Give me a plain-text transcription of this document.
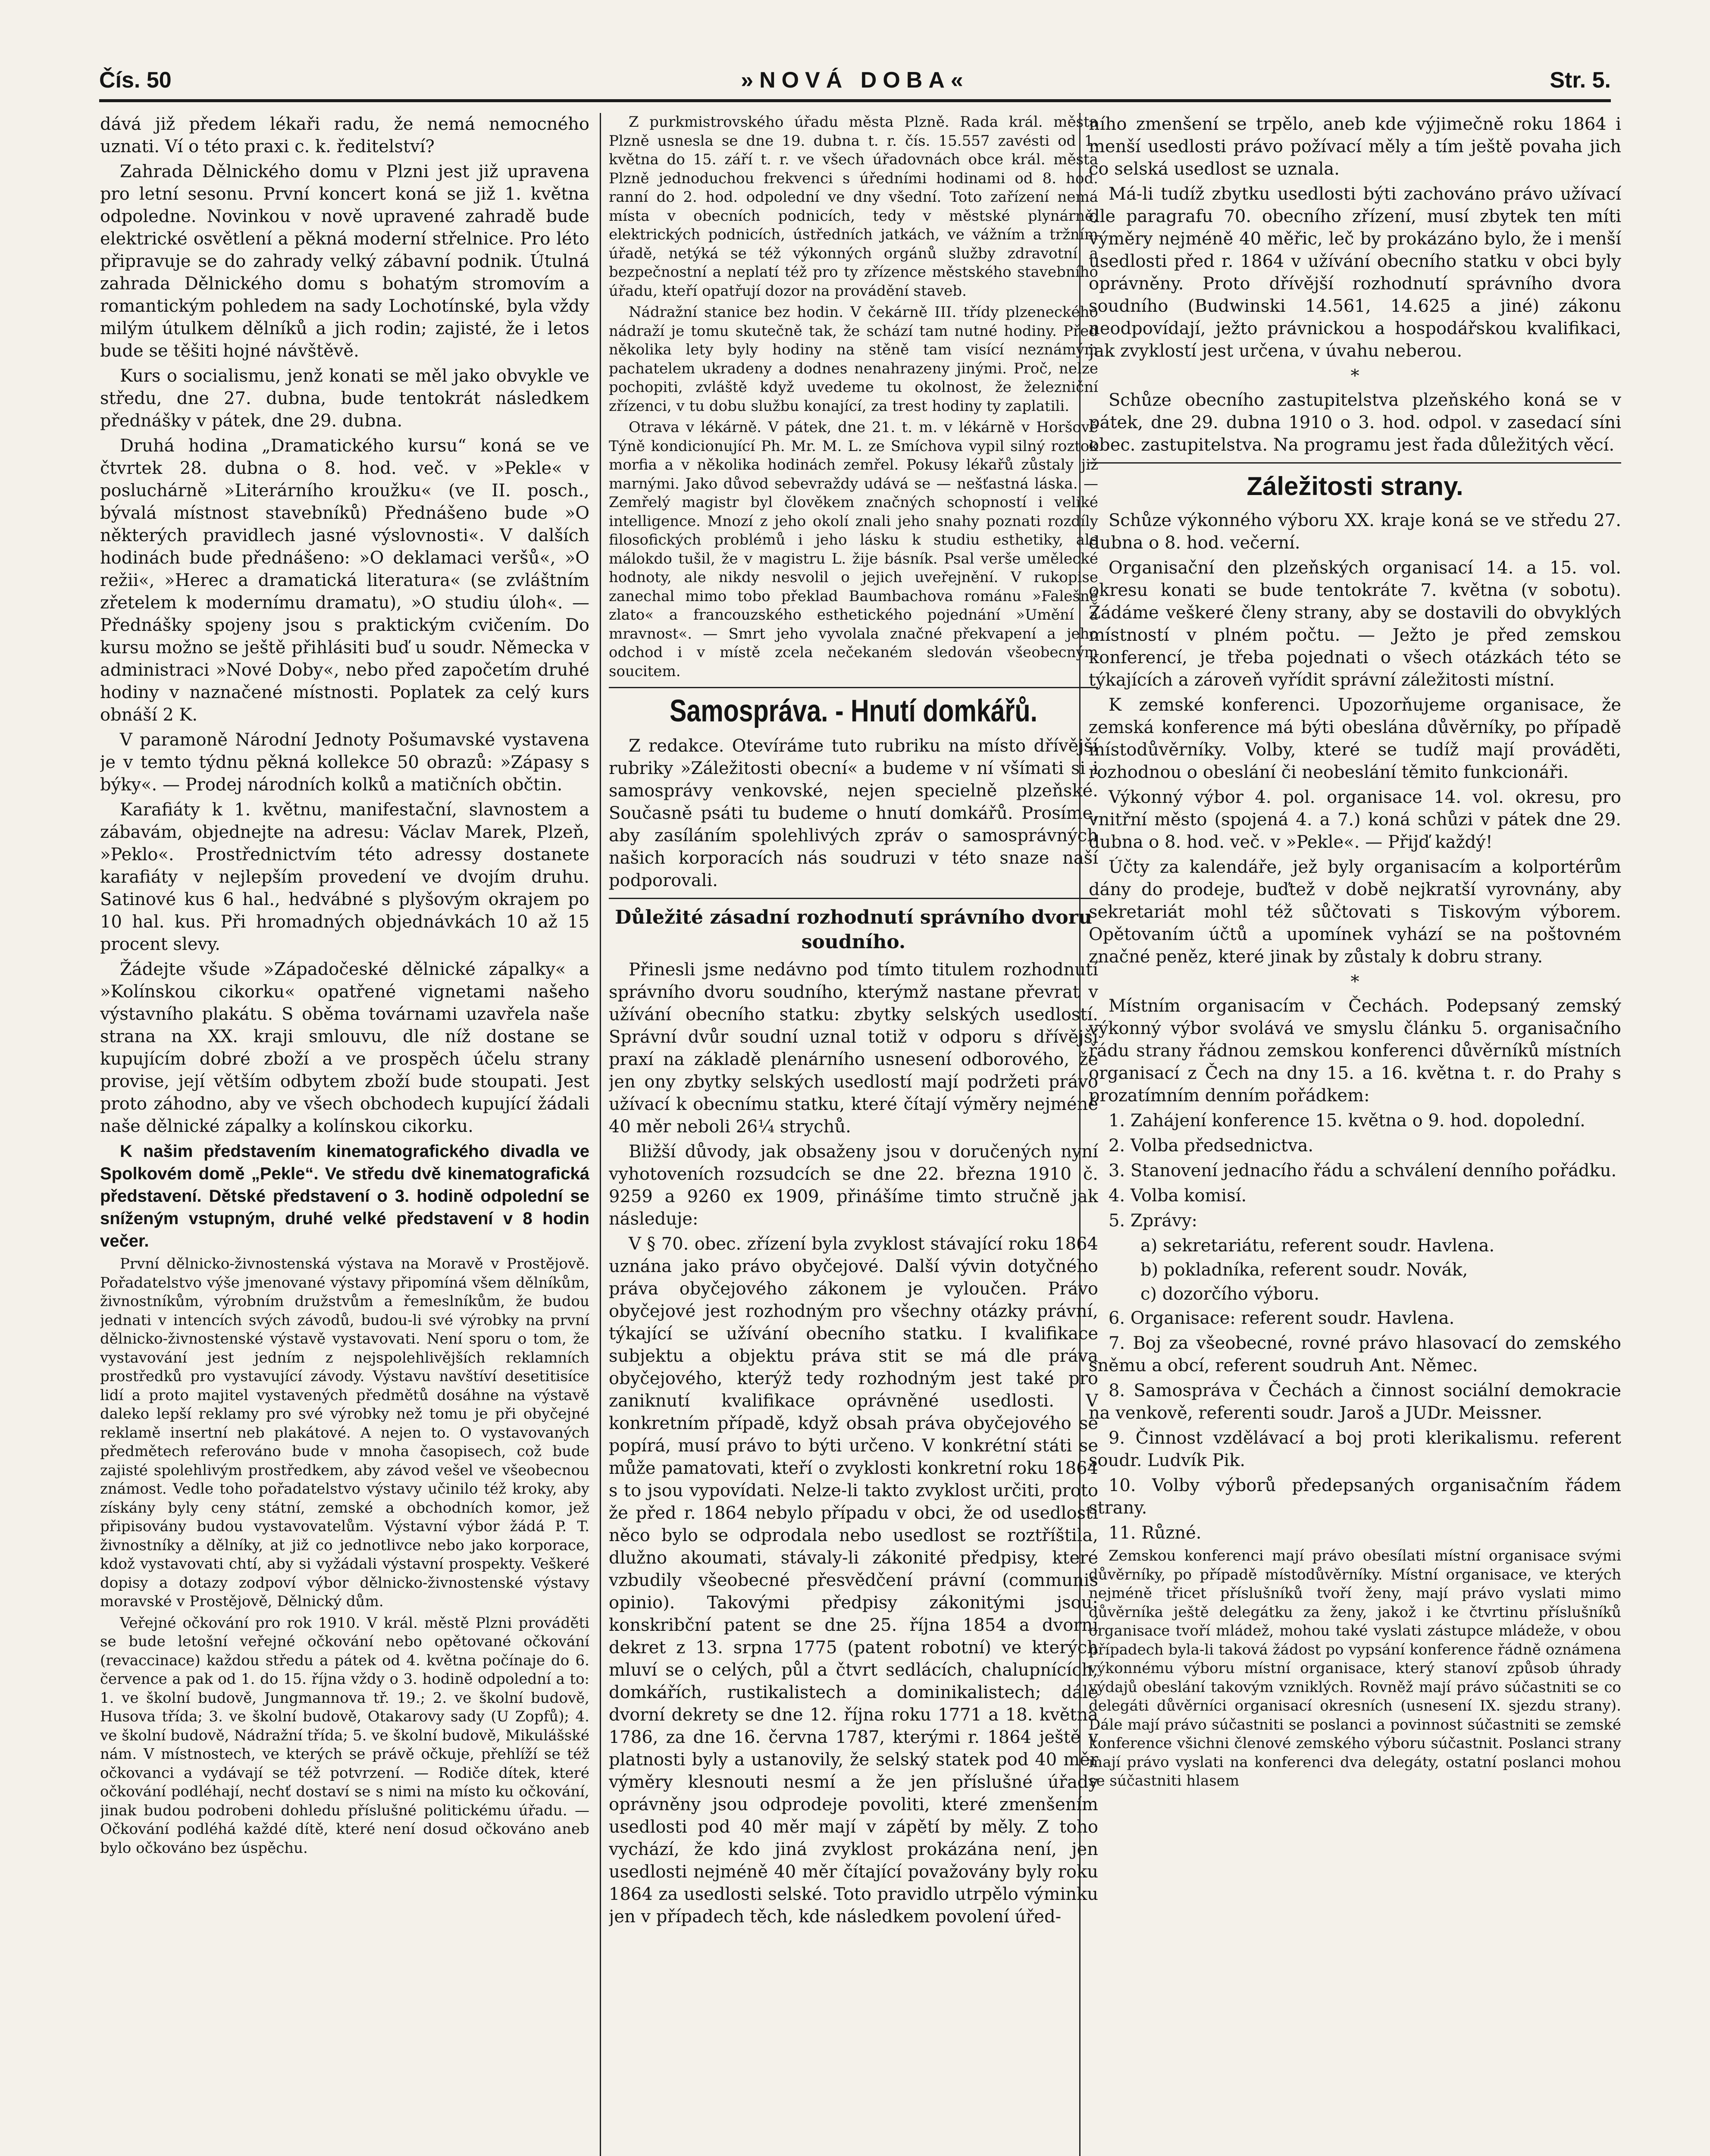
Čís. 50	»NOVÁ DOBA«	Str. 5.

dává již předem lékaři radu, že nemá nemocného uznati. Ví o této praxi c. k. ředitelství?

Zahrada Dělnického domu v Plzni jest již upravena pro letní sesonu. První koncert koná se již 1. května odpoledne. Novinkou v nově upravené zahradě bude elektrické osvětlení a pěkná moderní střelnice. Pro léto připravuje se do zahrady velký zábavní podnik. Útulná zahrada Dělnického domu s bohatým stromovím a romantickým pohledem na sady Lochotínské, byla vždy milým útulkem dělníků a jich rodin; zajisté, že i letos bude se těšiti hojné návštěvě.

Kurs o socialismu, jenž konati se měl jako obvykle ve středu, dne 27. dubna, bude tentokrát následkem přednášky v pátek, dne 29. dubna.

Druhá hodina „Dramatického kursu“ koná se ve čtvrtek 28. dubna o 8. hod. več. v »Pekle« v posluchárně »Literárního kroužku« (ve II. posch., bývalá místnost stavebníků) Přednášeno bude »O některých pravidlech jasné výslovnosti«. V dalších hodinách bude přednášeno: »O deklamaci veršů«, »O režii«, »Herec a dramatická literatura« (se zvláštním zřetelem k modernímu dramatu), »O studiu úloh«. — Přednášky spojeny jsou s praktickým cvičením. Do kursu možno se ještě přihlásiti buď u soudr. Německa v administraci »Nové Doby«, nebo před započetím druhé hodiny v naznačené místnosti. Poplatek za celý kurs obnáší 2 K.

V paramoně Národní Jednoty Pošumavské vystavena je v temto týdnu pěkná kollekce 50 obrazů: »Zápasy s býky«. — Prodej národních kolků a matičních občtin.

Karafiáty k 1. květnu, manifestační, slavnostem a zábavám, objednejte na adresu: Václav Marek, Plzeň, »Peklo«. Prostřednictvím této adressy dostanete karafiáty v nejlepším provedení ve dvojím druhu. Satinové kus 6 hal., hedvábné s plyšovým okrajem po 10 hal. kus. Při hromadných objednávkách 10 až 15 procent slevy.

Žádejte všude »Západočeské dělnické zápalky« a »Kolínskou cikorku« opatřené vignetami našeho výstavního plakátu. S oběma továrnami uzavřela naše strana na XX. kraji smlouvu, dle níž dostane se kupujícím dobré zboží a ve prospěch účelu strany provise, její větším odbytem zboží bude stoupati. Jest proto záhodno, aby ve všech obchodech kupující žádali naše dělnické zápalky a kolínskou cikorku.

K našim představením kinematografického divadla ve Spolkovém domě „Pekle“. Ve středu dvě kinematografická představení. Dětské představení o 3. hodině odpolední se sníženým vstupným, druhé velké představení v 8 hodin večer.

První dělnicko-živnostenská výstava na Moravě v Prostějově. Pořadatelstvo výše jmenované výstavy připomíná všem dělníkům, živnostníkům, výrobním družstvům a řemeslníkům, že budou jednati v intencích svých závodů, budou-li své výrobky na první dělnicko-živnostenské výstavě vystavovati. Není sporu o tom, že vystavování jest jedním z nejspolehlivějších reklamních prostředků pro vystavující závody. Výstavu navštíví desetitisíce lidí a proto majitel vystavených předmětů dosáhne na výstavě daleko lepší reklamy pro své výrobky než tomu je při obyčejné reklamě insertní neb plakátové. A nejen to. O vystavovaných předmětech referováno bude v mnoha časopisech, což bude zajisté spolehlivým prostředkem, aby závod vešel ve všeobecnou známost. Vedle toho pořadatelstvo výstavy učinilo též kroky, aby získány byly ceny státní, zemské a obchodních komor, jež připisovány budou vystavovatelům. Výstavní výbor žádá P. T. živnostníky a dělníky, at již co jednotlivce nebo jako korporace, kdož vystavovati chtí, aby si vyžádali výstavní prospekty. Veškeré dopisy a dotazy zodpoví výbor dělnicko-živnostenské výstavy moravské v Prostějově, Dělnický dům.

Veřejné očkování pro rok 1910. V král. městě Plzni prováděti se bude letošní veřejné očkování nebo opětované očkování (revaccinace) každou středu a pátek od 4. května počínaje do 6. července a pak od 1. do 15. října vždy o 3. hodině odpolední a to: 1. ve školní budově, Jungmannova tř. 19.; 2. ve školní budově, Husova třída; 3. ve školní budově, Otakarovy sady (U Zopfů); 4. ve školní budově, Nádražní třída; 5. ve školní budově, Mikulášské nám. V místnostech, ve kterých se právě očkuje, přehlíží se též očkovanci a vydávají se též potvrzení. — Rodiče dítek, které očkování podléhají, nechť dostaví se s nimi na místo ku očkování, jinak budou podrobeni dohledu příslušné politickému úřadu. — Očkování podléhá každé dítě, které není dosud očkováno aneb bylo očkováno bez úspěchu.

Z purkmistrovského úřadu města Plzně. Rada král. města Plzně usnesla se dne 19. dubna t. r. čís. 15.557 zavésti od 1. května do 15. září t. r. ve všech úřadovnách obce král. města Plzně jednoduchou frekvenci s úředními hodinami od 8. hod. ranní do 2. hod. odpolední ve dny všední. Toto zařízení nemá místa v obecních podnicích, tedy v městské plynárně, elektrických podnicích, ústředních jatkách, ve vážním a tržním úřadě, netýká se též výkonných orgánů služby zdravotní a bezpečnostní a neplatí též pro ty zřízence městského stavebního úřadu, kteří opatřují dozor na provádění staveb.

Nádražní stanice bez hodin. V čekárně III. třídy plzeneckého nádraží je tomu skutečně tak, že schází tam nutné hodiny. Před několika lety byly hodiny na stěně tam visící neznámým pachatelem ukradeny a dodnes nenahrazeny jinými. Proč, nelze pochopiti, zvláště když uvedeme tu okolnost, že železniční zřízenci, v tu dobu službu konající, za trest hodiny ty zaplatili.

Otrava v lékárně. V pátek, dne 21. t. m. v lékárně v Horšově Týně kondicionující Ph. Mr. M. L. ze Smíchova vypil silný roztok morfia a v několika hodinách zemřel. Pokusy lékařů zůstaly již marnými. Jako důvod sebevraždy udává se — nešťastná láska. — Zemřelý magistr byl člověkem značných schopností i veliké intelligence. Mnozí z jeho okolí znali jeho snahy poznati rozdíly filosofických problémů i jeho lásku k studiu esthetiky, ale málokdo tušil, že v magistru L. žije básník. Psal verše umělecké hodnoty, ale nikdy nesvolil o jejich uveřejnění. V rukopise zanechal mimo tobo překlad Baumbachova románu »Falešné zlato« a francouzského esthetického pojednání »Umění a mravnost«. — Smrt jeho vyvolala značné překvapení a jeho odchod i v místě zcela nečekaném sledován všeobecným soucitem.

Samospráva. - Hnutí domkářů.

Z redakce. Otevíráme tuto rubriku na místo dřívější rubriky »Záležitosti obecní« a budeme v ní všímati si i samosprávy venkovské, nejen specielně plzeňské. Současně psáti tu budeme o hnutí domkářů. Prosíme, aby zasíláním spolehlivých zpráv o samosprávných našich korporacích nás soudruzi v této snaze naší podporovali.

Důležité zásadní rozhodnutí správního dvoru soudního.

Přinesli jsme nedávno pod tímto titulem rozhodnutí správního dvoru soudního, kterýmž nastane převrat v užívání obecního statku: zbytky selských usedlostí. Správní dvůr soudní uznal totiž v odporu s dřívější praxí na základě plenárního usnesení odborového, že jen ony zbytky selských usedlostí mají podržeti právo užívací k obecnímu statku, které čítají výměry nejméně 40 měr neboli 26¼ strychů.

Bližší důvody, jak obsaženy jsou v doručených nyní vyhotoveních rozsudcích se dne 22. března 1910 č. 9259 a 9260 ex 1909, přinášíme timto stručně jak následuje:

V § 70. obec. zřízení byla zvyklost stávající roku 1864 uznána jako právo obyčejové. Další vývin dotyčného práva obyčejového zákonem je vyloučen. Právo obyčejové jest rozhodným pro všechny otázky právní, týkající se užívání obecního statku. I kvalifikace subjektu a objektu práva stit se má dle práva obyčejového, kterýž tedy rozhodným jest také pro zaniknutí kvalifikace oprávněné usedlosti. V konkretním případě, když obsah práva obyčejového se popírá, musí právo to býti určeno. V konkrétní státi se může pamatovati, kteří o zvyklosti konkretní roku 1864 s to jsou vypovídati. Nelze-li takto zvyklost určiti, proto že před r. 1864 nebylo případu v obci, že od usedlosti něco bylo se odprodala nebo usedlost se roztříštila, dlužno akoumati, stávaly-li zákonité předpisy, které vzbudily všeobecné přesvědčení právní (communis opinio). Takovými předpisy zákonitými jsou: konskribční patent se dne 25. října 1854 a dvorní dekret z 13. srpna 1775 (patent robotní) ve kterých mluví se o celých, půl a čtvrt sedlácích, chalupnících, domkářích, rustikalistech a dominikalistech; dále dvorní dekrety se dne 12. října roku 1771 a 18. května 1786, za dne 16. června 1787, kterými r. 1864 ještě v platnosti byly a ustanovily, že selský statek pod 40 měr výměry klesnouti nesmí a že jen příslušné úřady oprávněny jsou odprodeje povoliti, které zmenšením usedlosti pod 40 měr mají v zápětí by měly. Z toho vychází, že kdo jiná zvyklost prokázána není, jen usedlosti nejméně 40 měr čítající považovány byly roku 1864 za usedlosti selské. Toto pravidlo utrpělo výminku jen v případech těch, kde následkem povolení úřed-

ního zmenšení se trpělo, aneb kde výjimečně roku 1864 i menší usedlosti právo požívací měly a tím ještě povaha jich co selská usedlost se uznala.

Má-li tudíž zbytku usedlosti býti zachováno právo užívací dle paragrafu 70. obecního zřízení, musí zbytek ten míti výměry nejméně 40 měřic, leč by prokázáno bylo, že i menší usedlosti před r. 1864 v užívání obecního statku v obci byly oprávněny. Proto dřívější rozhodnutí správního dvora soudního (Budwinski 14.561, 14.625 a jiné) zákonu neodpovídají, ježto právnickou a hospodářskou kvalifikaci, jak zvyklostí jest určena, v úvahu neberou.

*

Schůze obecního zastupitelstva plzeňského koná se v pátek, dne 29. dubna 1910 o 3. hod. odpol. v zasedací síni obec. zastupitelstva. Na programu jest řada důležitých věcí.

Záležitosti strany.

Schůze výkonného výboru XX. kraje koná se ve středu 27. dubna o 8. hod. večerní.

Organisační den plzeňských organisací 14. a 15. vol. okresu konati se bude tentokráte 7. května (v sobotu). Žádáme veškeré členy strany, aby se dostavili do obvyklých místností v plném počtu. — Ježto je před zemskou konferencí, je třeba pojednati o všech otázkách této se týkajících a zároveň vyřídit správní záležitosti místní.

K zemské konferenci. Upozorňujeme organisace, že zemská konference má býti obeslána důvěrníky, po případě místodůvěrníky. Volby, které se tudíž mají prováděti, rozhodnou o obeslání či neobeslání těmito funkcionáři.

Výkonný výbor 4. pol. organisace 14. vol. okresu, pro vnitřní město (spojená 4. a 7.) koná schůzi v pátek dne 29. dubna o 8. hod. več. v »Pekle«. — Přijď každý!

Účty za kalendáře, jež byly organisacím a kolportérům dány do prodeje, buďtež v době nejkratší vyrovnány, aby sekretariát mohl též sůčtovati s Tiskovým výborem. Opětovaním účtů a upomínek vyhází se na poštovném značné peněz, které jinak by zůstaly k dobru strany.

*

Místním organisacím v Čechách. Podepsaný zemský výkonný výbor svolává ve smyslu článku 5. organisačního řádu strany řádnou zemskou konferenci důvěrníků místních organisací z Čech na dny 15. a 16. května t. r. do Prahy s prozatímním denním pořádkem:

1. Zahájení konference 15. května o 9. hod. dopolední.

2. Volba předsednictva.

3. Stanovení jednacího řádu a schválení denního pořádku.

4. Volba komisí.

5. Zprávy:

a) sekretariátu, referent soudr. Havlena.

b) pokladníka, referent soudr. Novák,

c) dozorčího výboru.

6. Organisace: referent soudr. Havlena.

7. Boj za všeobecné, rovné právo hlasovací do zemského sněmu a obcí, referent soudruh Ant. Němec.

8. Samospráva v Čechách a činnost sociální demokracie na venkově, referenti soudr. Jaroš a JUDr. Meissner.

9. Činnost vzdělávací a boj proti klerikalismu. referent soudr. Ludvík Pik.

10. Volby výborů předepsaných organisačním řádem strany.

11. Různé.

Zemskou konferenci mají právo obesílati místní organisace svými důvěrníky, po případě místodůvěrníky. Místní organisace, ve kterých nejméně třicet příslušníků tvoří ženy, mají právo vyslati mimo důvěrníka ještě delegátku za ženy, jakož i ke čtvrtinu příslušníků organisace tvoří mládež, mohou také vyslati zástupce mládeže, v obou případech byla-li taková žádost po vypsání konference řádně oznámena výkonnému výboru místní organisace, který stanoví způsob úhrady výdajů obeslání takovým vzniklých. Rovněž mají právo súčastniti se co delegáti důvěrníci organisací okresních (usnesení IX. sjezdu strany). Dále mají právo súčastniti se poslanci a povinnost súčastniti se zemské konference všichni členové zemského výboru súčastnit. Poslanci strany mají právo vyslati na konferenci dva delegáty, ostatní poslanci mohou se súčastniti hlasem
